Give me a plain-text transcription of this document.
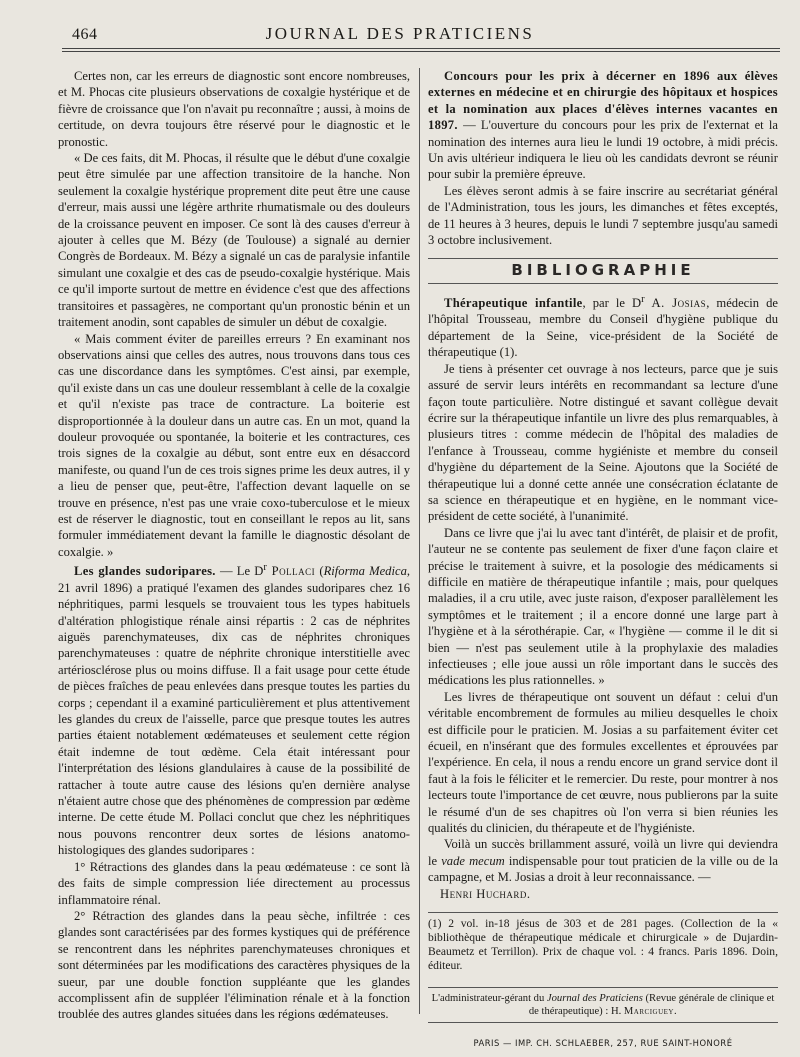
464	JOURNAL DES PRATICIENS

Certes non, car les erreurs de diagnostic sont encore nombreuses, et M. Phocas cite plusieurs observations de coxalgie hystérique et de fièvre de croissance que l'on n'avait pu reconnaître ; aussi, à moins de certitude, on devra toujours être réservé pour le diagnostic et le pronostic.

« De ces faits, dit M. Phocas, il résulte que le début d'une coxalgie peut être simulée par une affection transitoire de la hanche. Non seulement la coxalgie hystérique proprement dite peut être une cause d'erreur, mais aussi une légère arthrite rhumatismale ou des douleurs de la croissance peuvent en imposer. Ce sont là des causes d'erreur à ajouter à celles que M. Bézy (de Toulouse) a signalé au dernier Congrès de Bordeaux. M. Bézy a signalé un cas de paralysie infantile simulant une coxalgie et des cas de pseudo-coxalgie hystérique. Mais ce qu'il importe surtout de mettre en évidence c'est que des affections transitoires et passagères, ne comportant qu'un pronostic bénin et un traitement anodin, sont capables de simuler un début de coxalgie.

« Mais comment éviter de pareilles erreurs ? En examinant nos observations ainsi que celles des autres, nous trouvons dans tous ces cas une discordance dans les symptômes. C'est ainsi, par exemple, qu'il existe dans un cas une douleur ressemblant à celle de la coxalgie et qu'il n'existe pas trace de contracture. La boiterie est disproportionnée à la douleur dans un autre cas. En un mot, quand la douleur provoquée ou spontanée, la boiterie et les contractures, ces trois signes de la coxalgie au début, sont entre eux en désaccord manifeste, ou quand l'un de ces trois signes prime les deux autres, il y a lieu de penser que, peut-être, l'affection devant laquelle on se trouve en présence, n'est pas une vraie coxo-tuberculose et le mieux est de réserver le diagnostic, tout en conseillant le repos au lit, sans formuler immédiatement devant la famille le diagnostic désolant de coxalgie. »

Les glandes sudoripares. — Le $D^r$ Pollaci (Riforma Medica, 21 avril 1896) a pratiqué l'examen des glandes sudoripares chez 16 néphritiques, parmi lesquels se trouvaient tous les types habituels d'altération phlogistique rénale ainsi répartis : 2 cas de néphrites aiguës parenchymateuses, dix cas de néphrites chroniques parenchymateuses : quatre de néphrite chronique interstitielle avec artériosclérose plus ou moins diffuse. Il a fait usage pour cette étude de pièces fraîches de peau enlevées dans presque toutes les parties du corps ; cependant il a examiné particulièrement et plus attentivement les glandes du creux de l'aisselle, parce que presque toutes les autres parties étaient notablement œdémateuses et seulement cette région était indemne de tout œdème. Cela était intéressant pour l'interprétation des lésions glandulaires à cause de la possibilité de rattacher à toute autre cause des lésions qu'en dernière analyse n'étaient autre chose que des phénomènes de compression par œdème interne. De cette étude M. Pollaci conclut que chez les néphritiques nous pouvons rencontrer deux sortes de lésions anatomo-histologiques des glandes sudoripares :

1° Rétractions des glandes dans la peau œdémateuse : ce sont là des faits de simple compression liée directement au processus inflammatoire rénal.

2° Rétraction des glandes dans la peau sèche, infiltrée : ces glandes sont caractérisées par des formes kystiques qui de préférence se rencontrent dans les néphrites parenchymateuses chroniques et sont déterminées par les modifications des caractères physiques de la sueur, par une double fonction suppléante que les glandes accomplissent afin de suppléer l'élimination rénale et à la fonction troublée des autres glandes situées dans les régions œdémateuses.

Concours pour les prix à décerner en 1896 aux élèves externes en médecine et en chirurgie des hôpitaux et hospices et la nomination aux places d'élèves internes vacantes en 1897. — L'ouverture du concours pour les prix de l'externat et la nomination des internes aura lieu le lundi 19 octobre, à midi précis. Un avis ultérieur indiquera le lieu où les candidats devront se réunir pour subir la première épreuve.

Les élèves seront admis à se faire inscrire au secrétariat général de l'Administration, tous les jours, les dimanches et fêtes exceptés, de 11 heures à 3 heures, depuis le lundi 7 septembre jusqu'au samedi 3 octobre inclusivement.

BIBLIOGRAPHIE

Thérapeutique infantile, par le $D^r$ A. Josias, médecin de l'hôpital Trousseau, membre du Conseil d'hygiène publique du département de la Seine, vice-président de la Société de thérapeutique (1).

Je tiens à présenter cet ouvrage à nos lecteurs, parce que je suis assuré de servir leurs intérêts en recommandant sa lecture d'une façon toute particulière. Notre distingué et savant collègue devait écrire sur la thérapeutique infantile un livre des plus remarquables, à plusieurs titres : comme médecin de l'hôpital des maladies de l'enfance à Trousseau, comme hygiéniste et membre du conseil d'hygiène du département de la Seine. Ajoutons que la Société de thérapeutique lui a donné cette année une consécration éclatante de sa science en thérapeutique et en hygiène, en le nommant vice-président de cette société, à l'unanimité.

Dans ce livre que j'ai lu avec tant d'intérêt, de plaisir et de profit, l'auteur ne se contente pas seulement de fixer d'une façon claire et précise le traitement à suivre, et la posologie des médicaments si difficile en matière de thérapeutique infantile ; mais, pour quelques maladies, il a cru utile, avec juste raison, d'exposer parallèlement les symptômes et le traitement ; il a encore donné une large part à l'hygiène et à la sérothérapie. Car, « l'hygiène — comme il le dit si bien — n'est pas seulement utile à la prophylaxie des maladies infectieuses ; elle joue aussi un rôle important dans le succès des médications les plus rationnelles. »

Les livres de thérapeutique ont souvent un défaut : celui d'un véritable encombrement de formules au milieu desquelles le choix est difficile pour le praticien. M. Josias a su parfaitement éviter cet écueil, en n'insérant que des formules excellentes et éprouvées par l'expérience. En cela, il nous a rendu encore un grand service dont il faut à la fois le féliciter et le remercier. Du reste, pour montrer à nos lecteurs toute l'importance de cet œuvre, nous publierons par la suite le résumé d'un de ses chapitres où l'on verra si bien réunies les qualités du clinicien, du thérapeute et de l'hygiéniste.

Voilà un succès brillamment assuré, voilà un livre qui deviendra le vade mecum indispensable pour tout praticien de la ville ou de la campagne, et M. Josias a droit à leur reconnaissance. —

Henri Huchard.

(1) 2 vol. in-18 jésus de 303 et de 281 pages. (Collection de la « bibliothèque de thérapeutique médicale et chirurgicale » de Dujardin-Beaumetz et Terrillon). Prix de chaque vol. : 4 francs. Paris 1896. Doin, éditeur.

L'administrateur-gérant du Journal des Praticiens (Revue générale de clinique et de thérapeutique) : H. Marciguey.
PARIS — IMP. CH. SCHLAEBER, 257, RUE SAINT-HONORÉ
